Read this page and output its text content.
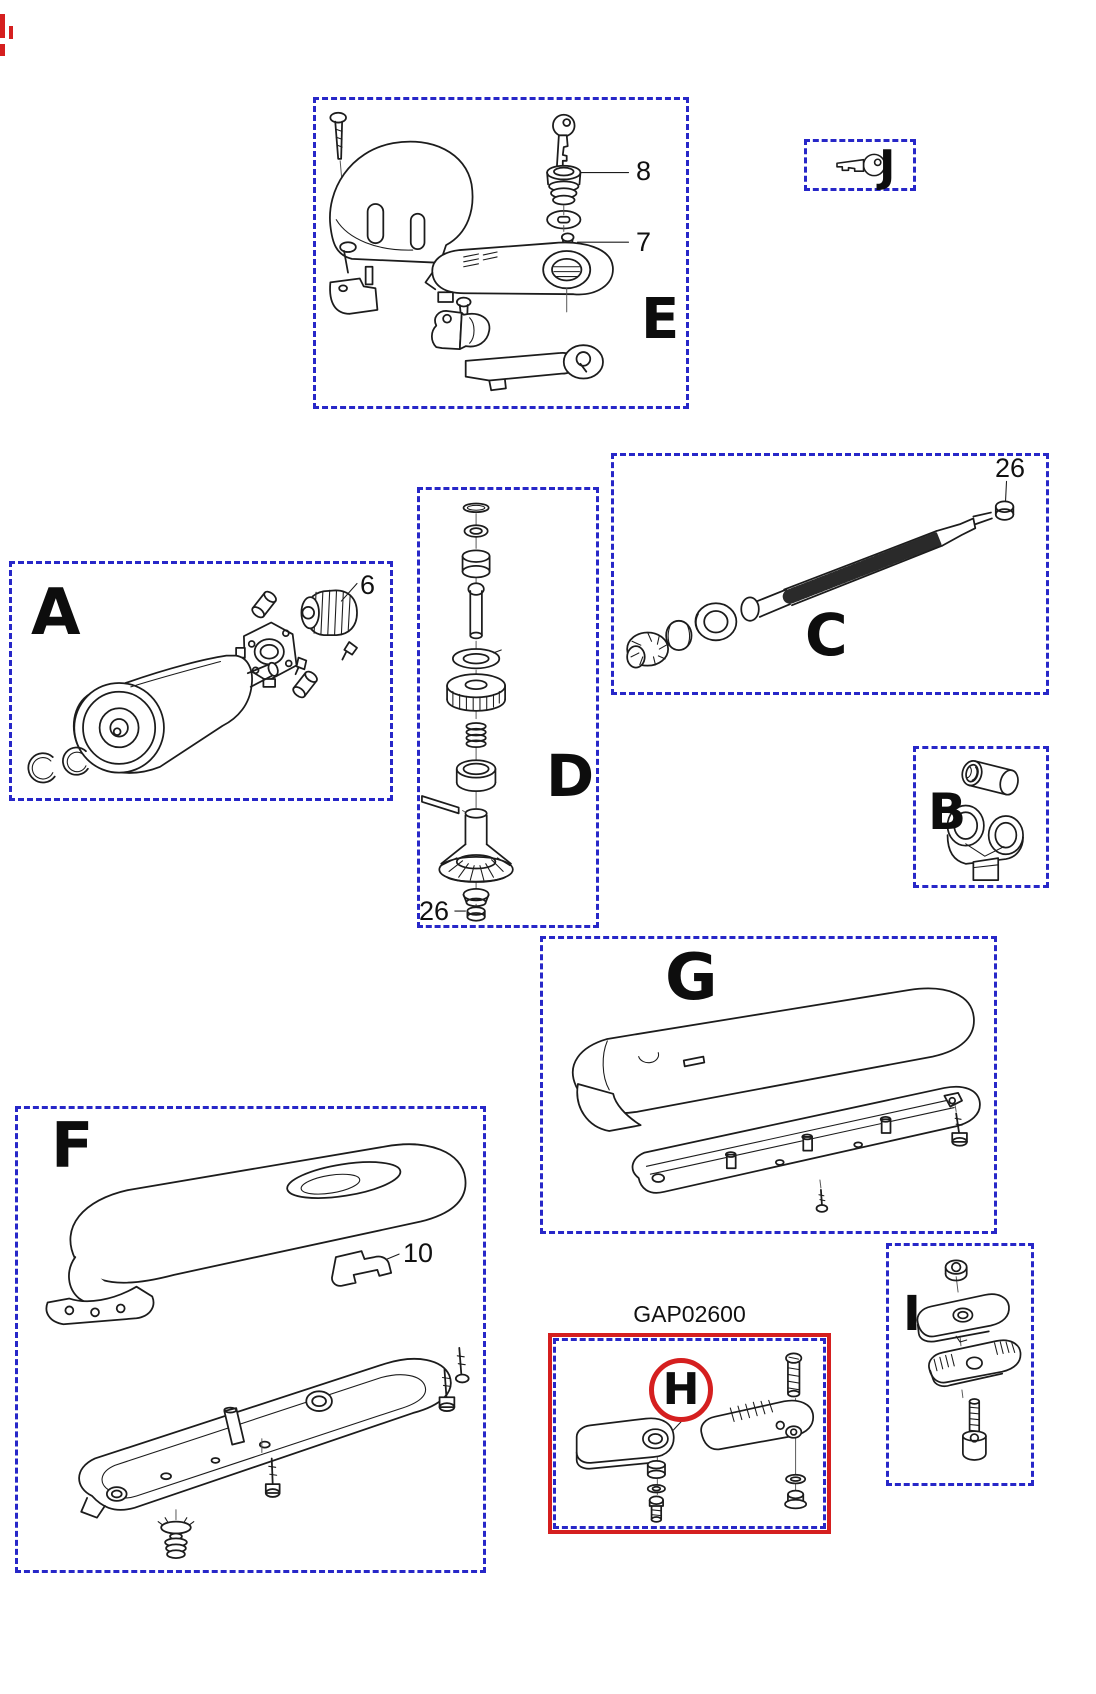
E
8
7
J
A	6
D
26
C
26
B
G
F
10
GAP02600
H
I
